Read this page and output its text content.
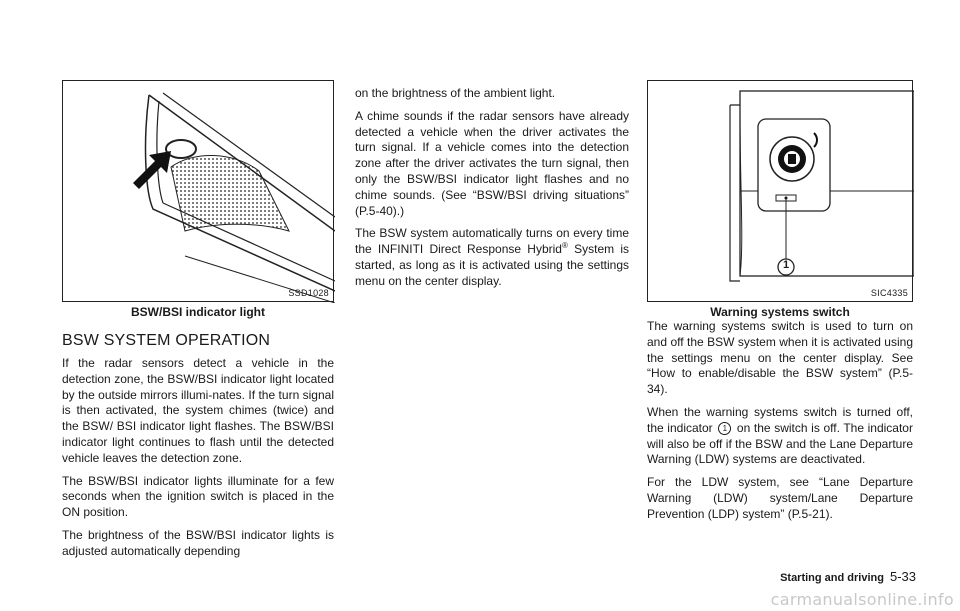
SSD1028
BSW/BSI indicator light
BSW SYSTEM OPERATION

If the radar sensors detect a vehicle in the detection zone, the BSW/BSI indicator light located by the outside mirrors illumi-nates. If the turn signal is then activated, the system chimes (twice) and the BSW/ BSI indicator light flashes. The BSW/BSI indicator light continues to flash until the detected vehicle leaves the detection zone.

The BSW/BSI indicator lights illuminate for a few seconds when the ignition switch is placed in the ON position.

The brightness of the BSW/BSI indicator lights is adjusted automatically depending

on the brightness of the ambient light.

A chime sounds if the radar sensors have already detected a vehicle when the driver activates the turn signal. If a vehicle comes into the detection zone after the driver activates the turn signal, then only the BSW/BSI indicator light flashes and no chime sounds. (See “BSW/BSI driving situations” (P.5-40).)

The BSW system automatically turns on every time the INFINITI Direct Response Hybrid® System is started, as long as it is activated using the settings menu on the center display.

1
SIC4335
Warning systems switch

The warning systems switch is used to turn on and off the BSW system when it is activated using the settings menu on the center display. See “How to enable/disable the BSW system” (P.5-34).

When the warning systems switch is turned off, the indicator 1 on the switch is off. The indicator will also be off if the BSW and the Lane Departure Warning (LDW) systems are deactivated.

For the LDW system, see “Lane Departure Warning (LDW) system/Lane Departure Prevention (LDP) system” (P.5-21).

Starting and driving 5-33
carmanualsonline.info
